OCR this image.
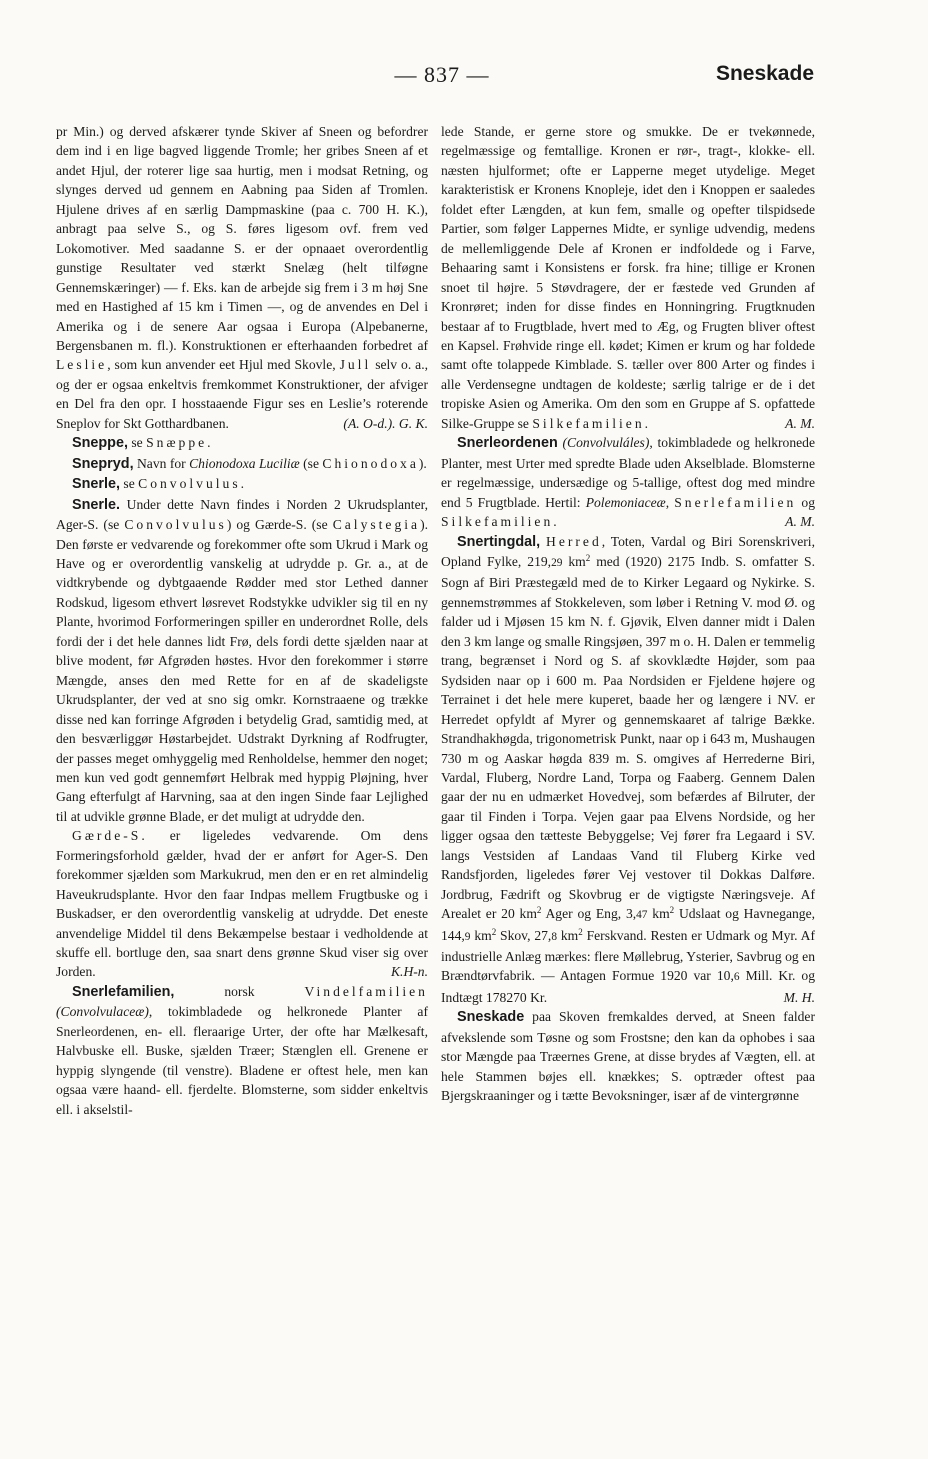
— 837 —	Sneskade

pr Min.) og derved afskærer tynde Skiver af Sneen og befordrer dem ind i en lige bagved liggende Tromle; her gribes Sneen af et andet Hjul, der roterer lige saa hurtig, men i modsat Retning, og slynges derved ud gennem en Aabning paa Siden af Tromlen. Hjulene drives af en særlig Dampmaskine (paa c. 700 H. K.), anbragt paa selve S., og S. føres ligesom ovf. frem ved Lokomotiver. Med saadanne S. er der opnaaet overordentlig gunstige Resultater ved stærkt Snelæg (helt tilføgne Gennemskæringer) — f. Eks. kan de arbejde sig frem i 3 m høj Sne med en Hastighed af 15 km i Timen —, og de anvendes en Del i Amerika og i de senere Aar ogsaa i Europa (Alpebanerne, Bergensbanen m. fl.). Konstruktionen er efterhaanden forbedret af Leslie, som kun anvender eet Hjul med Skovle, Jull selv o. a., og der er ogsaa enkeltvis fremkommet Konstruktioner, der afviger en Del fra den opr. I hosstaaende Figur ses en Leslie’s roterende Sneplov for Skt Gotthardbanen.	(A. O-d.). G. K.

Sneppe, se Snæppe.

Snepryd, Navn for Chionodoxa Luciliæ (se Chionodoxa).

Snerle, se Convolvulus.

Snerle. Under dette Navn findes i Norden 2 Ukrudsplanter, Ager-S. (se Convolvulus) og Gærde-S. (se Calystegia). Den første er vedvarende og forekommer ofte som Ukrud i Mark og Have og er overordentlig vanskelig at udrydde p. Gr. a., at de vidtkrybende og dybtgaaende Rødder med stor Lethed danner Rodskud, ligesom ethvert løsrevet Rodstykke udvikler sig til en ny Plante, hvorimod Forformeringen spiller en underordnet Rolle, dels fordi der i det hele dannes lidt Frø, dels fordi dette sjælden naar at blive modent, før Afgrøden høstes. Hvor den forekommer i større Mængde, anses den med Rette for en af de skadeligste Ukrudsplanter, der ved at sno sig omkr. Kornstraaene og trække disse ned kan forringe Afgrøden i betydelig Grad, samtidig med, at den besværliggør Høstarbejdet. Udstrakt Dyrkning af Rodfrugter, der passes meget omhyggelig med Renholdelse, hemmer den noget; men kun ved godt gennemført Helbrak med hyppig Pløjning, hver Gang efterfulgt af Harvning, saa at den ingen Sinde faar Lejlighed til at udvikle grønne Blade, er det muligt at udrydde den.

Gærde-S. er ligeledes vedvarende. Om dens Formeringsforhold gælder, hvad der er anført for Ager-S. Den forekommer sjælden som Markukrud, men den er en ret almindelig Haveukrudsplante. Hvor den faar Indpas mellem Frugtbuske og i Buskadser, er den overordentlig vanskelig at udrydde. Det eneste anvendelige Middel til dens Bekæmpelse bestaar i vedholdende at skuffe ell. bortluge den, saa snart dens grønne Skud viser sig over Jorden.	K.H-n.

Snerlefamilien,	norsk	Vindelfamilien (Convolvulaceæ), tokimbladede og helkronede Planter af Snerleordenen, en- ell. fleraarige Urter, der ofte har Mælkesaft, Halvbuske ell. Buske, sjælden Træer; Stænglen ell. Grenene er hyppig slyngende (til venstre). Bladene er oftest hele, men kan ogsaa være haand- ell. fjerdelte. Blomsterne, som sidder enkeltvis ell. i akselstil-

lede Stande, er gerne store og smukke. De er tvekønnede, regelmæssige og femtallige. Kronen er rør-, tragt-, klokke- ell. næsten hjulformet; ofte er Lapperne meget utydelige. Meget karakteristisk er Kronens Knopleje, idet den i Knoppen er saaledes foldet efter Længden, at kun fem, smalle og opefter tilspidsede Partier, som følger Lappernes Midte, er synlige udvendig, medens de mellemliggende Dele af Kronen er indfoldede og i Farve, Behaaring samt i Konsistens er forsk. fra hine; tillige er Kronen snoet til højre. 5 Støvdragere, der er fæstede ved Grunden af Kronrøret; inden for disse findes en Honningring. Frugtknuden bestaar af to Frugtblade, hvert med to Æg, og Frugten bliver oftest en Kapsel. Frøhvide ringe ell. kødet; Kimen er krum og har foldede samt ofte tolappede Kimblade. S. tæller over 800 Arter og findes i alle Verdensegne undtagen de koldeste; særlig talrige er de i det tropiske Asien og Amerika. Om den som en Gruppe af S. opfattede Silke-Gruppe se Silkefamilien.	A. M.

Snerleordenen (Convolvuláles), tokimbladede og helkronede Planter, mest Urter med spredte Blade uden Akselblade. Blomsterne er regelmæssige, undersædige og 5-tallige, oftest dog med mindre end 5 Frugtblade. Hertil: Polemoniaceæ, Snerlefamilien og Silkefamilien.	A. M.

Snertingdal, Herred, Toten, Vardal og Biri Sorenskriveri, Opland Fylke, 219,29 $km^2$ med (1920) 2175 Indb. S. omfatter S. Sogn af Biri Præstegæld med de to Kirker Legaard og Nykirke. S. gennemstrømmes af Stokkeleven, som løber i Retning V. mod Ø. og falder ud i Mjøsen 15 km N. f. Gjøvik, Elven danner midt i Dalen den 3 km lange og smalle Ringsjøen, 397 m o. H. Dalen er temmelig trang, begrænset i Nord og S. af skovklædte Højder, som paa Sydsiden naar op i 600 m. Paa Nordsiden er Fjeldene højere og Terrainet i det hele mere kuperet, baade her og længere i NV. er Herredet opfyldt af Myrer og gennemskaaret af talrige Bække. Strandhakhøgda, trigonometrisk Punkt, naar op i 643 m, Mushaugen 730 m og Aaskar høgda 839 m. S. omgives af Herrederne Biri, Vardal, Fluberg, Nordre Land, Torpa og Faaberg. Gennem Dalen gaar der nu en udmærket Hovedvej, som befærdes af Bilruter, der gaar til Finden i Torpa. Vejen gaar paa Elvens Nordside, og her ligger ogsaa den tætteste Bebyggelse; Vej fører fra Legaard i SV. langs Vestsiden af Landaas Vand til Fluberg Kirke ved Randsfjorden, ligeledes fører Vej vestover til Dokkas Dalføre. Jordbrug, Fædrift og Skovbrug er de vigtigste Næringsveje. Af Arealet er 20 $km^2$ Ager og Eng, 3,47 $km^2$ Udslaat og Havnegange, 144,9 $km^2$ Skov, 27,8 $km^2$ Ferskvand. Resten er Udmark og Myr. Af industrielle Anlæg mærkes: flere Møllebrug, Ysterier, Savbrug og en Brændtørvfabrik. — Antagen Formue 1920 var 10,6 Mill. Kr. og Indtægt 178270 Kr.	M. H.

Sneskade paa Skoven fremkaldes derved, at Sneen falder afvekslende som Tøsne og som Frostsne; den kan da ophobes i saa stor Mængde paa Træernes Grene, at disse brydes af Vægten, ell. at hele Stammen bøjes ell. knækkes; S. optræder oftest paa Bjergskraaninger og i tætte Bevoksninger, især af de vintergrønne
